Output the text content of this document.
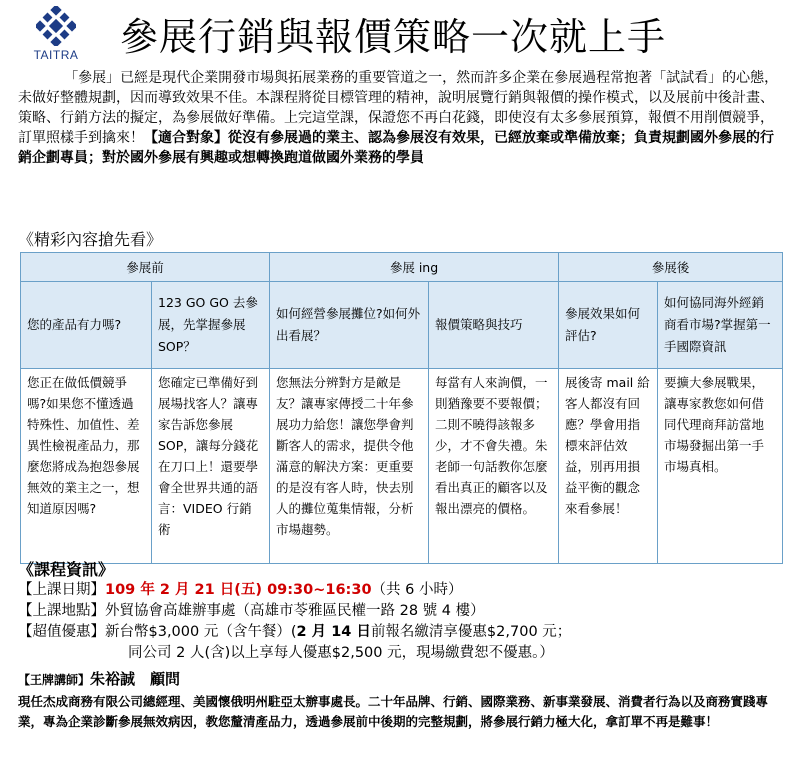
TAITRA 參展行銷與報價策略一次就上手

「參展」已經是現代企業開發市場與拓展業務的重要管道之一，然而許多企業在參展過程常抱著「試試看」的心態，未做好整體規劃，因而導致效果不佳。本課程將從目標管理的精神，說明展覽行銷與報價的操作模式，以及展前中後計畫、策略、行銷方法的擬定，為參展做好準備。上完這堂課，保證您不再白花錢，即使沒有太多參展預算，報價不用削價競爭，訂單照樣手到擒來！【適合對象】從沒有參展過的業主、認為參展沒有效果，已經放棄或準備放棄；負責規劃國外參展的行銷企劃專員；對於國外參展有興趣或想轉換跑道做國外業務的學員

《精彩內容搶先看》
參展前		參展 ing		參展後	
您的產品有力嗎?	123 GO GO 去參展，先掌握參展 SOP？	如何經營參展攤位?如何外出看展？	報價策略與技巧	參展效果如何評估?	如何協同海外經銷商看市場?掌握第一手國際資訊
您正在做低價競爭嗎?如果您不懂透過特殊性、加值性、差異性檢視產品力，那麼您將成為抱怨參展無效的業主之一，想知道原因嗎?	您確定已準備好到展場找客人？讓專家告訴您參展 SOP，讓每分錢花在刀口上！還要學會全世界共通的語言：VIDEO 行銷術	您無法分辨對方是敵是友？讓專家傳授二十年參展功力給您！讓您學會判斷客人的需求，提供令他滿意的解決方案：更重要的是沒有客人時，快去別人的攤位蒐集情報，分析市場趨勢。	每當有人來詢價，一則猶豫要不要報價；二則不曉得該報多少，才不會失禮。朱老師一句話教你怎麼看出真正的顧客以及報出漂亮的價格。	展後寄 mail 給客人都沒有回應？學會用指標來評估效益，別再用損益平衡的觀念來看參展！	要擴大參展戰果，讓專家教您如何借同代理商拜訪當地市場發掘出第一手市場真相。
《課程資訊》
【上課日期】109 年 2 月 21 日(五) 09:30~16:30（共 6 小時）
【上課地點】外貿協會高雄辦事處（高雄市苓雅區民權一路 28 號 4 樓）
【超值優惠】新台幣$3,000 元（含午餐）(2 月 14 日前報名繳清享優惠$2,700 元；
同公司 2 人(含)以上享每人優惠$2,500 元，現場繳費恕不優惠。）
【王牌講師】朱裕誠　顧問
現任杰成商務有限公司總經理、美國懷俄明州駐亞太辦事處長。二十年品牌、行銷、國際業務、新事業發展、消費者行為以及商務實踐專業，專為企業診斷參展無效病因，教您釐清產品力，透過參展前中後期的完整規劃，將參展行銷力極大化，拿訂單不再是難事！
